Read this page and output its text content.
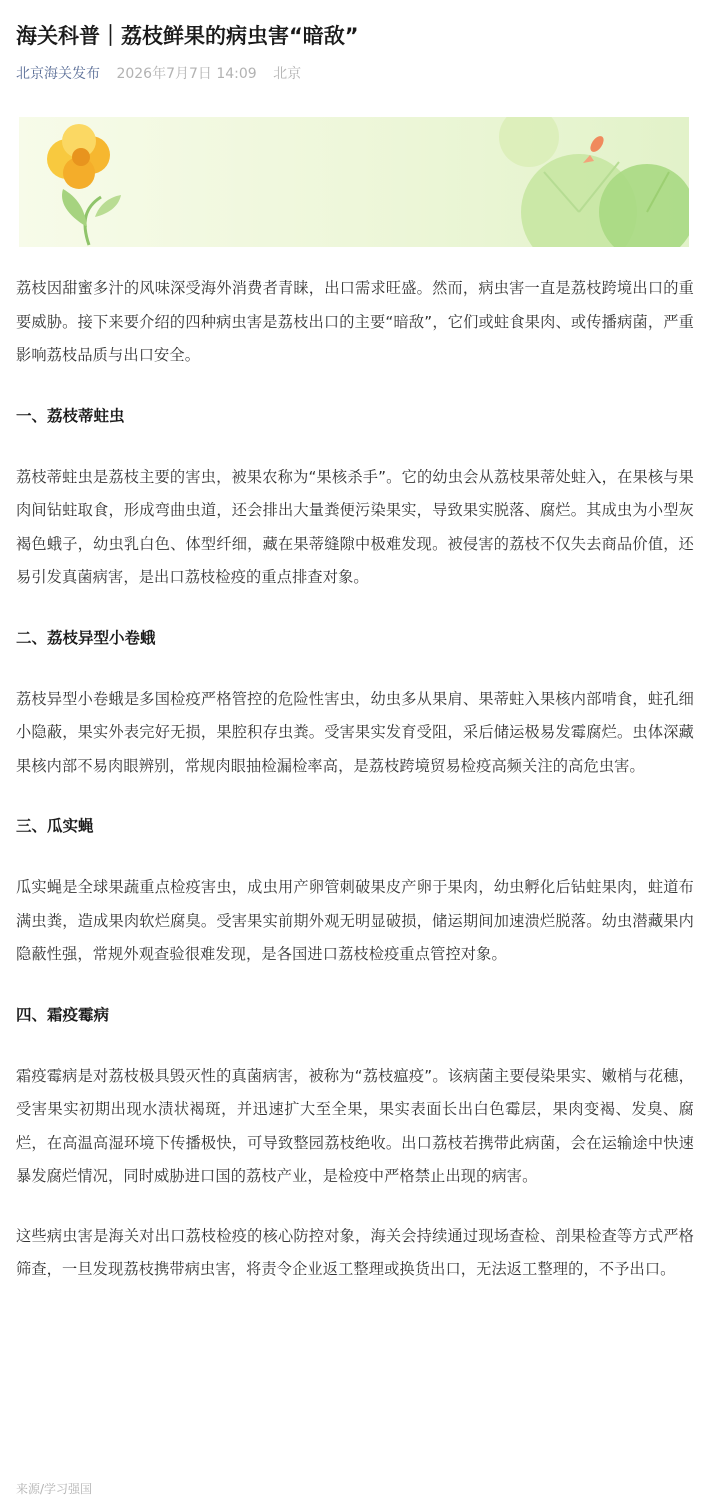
海关科普｜荔枝鲜果的病虫害“暗敌”
北京海关发布 2026年7月7日 14:09 北京

荔枝因甜蜜多汁的风味深受海外消费者青睐，出口需求旺盛。然而，病虫害一直是荔枝跨境出口的重要威胁。接下来要介绍的四种病虫害是荔枝出口的主要“暗敌”，它们或蛀食果肉、或传播病菌，严重影响荔枝品质与出口安全。

一、荔枝蒂蛀虫

荔枝蒂蛀虫是荔枝主要的害虫，被果农称为“果核杀手”。它的幼虫会从荔枝果蒂处蛀入，在果核与果肉间钻蛀取食，形成弯曲虫道，还会排出大量粪便污染果实，导致果实脱落、腐烂。其成虫为小型灰褐色蛾子，幼虫乳白色、体型纤细，藏在果蒂缝隙中极难发现。被侵害的荔枝不仅失去商品价值，还易引发真菌病害，是出口荔枝检疫的重点排查对象。

二、荔枝异型小卷蛾

荔枝异型小卷蛾是多国检疫严格管控的危险性害虫，幼虫多从果肩、果蒂蛀入果核内部啃食，蛀孔细小隐蔽，果实外表完好无损，果腔积存虫粪。受害果实发育受阻，采后储运极易发霉腐烂。虫体深藏果核内部不易肉眼辨别，常规肉眼抽检漏检率高，是荔枝跨境贸易检疫高频关注的高危虫害。

三、瓜实蝇

瓜实蝇是全球果蔬重点检疫害虫，成虫用产卵管刺破果皮产卵于果肉，幼虫孵化后钻蛀果肉，蛀道布满虫粪，造成果肉软烂腐臭。受害果实前期外观无明显破损，储运期间加速溃烂脱落。幼虫潜藏果内隐蔽性强，常规外观查验很难发现，是各国进口荔枝检疫重点管控对象。

四、霜疫霉病

霜疫霉病是对荔枝极具毁灭性的真菌病害，被称为“荔枝瘟疫”。该病菌主要侵染果实、嫩梢与花穗，受害果实初期出现水渍状褐斑，并迅速扩大至全果，果实表面长出白色霉层，果肉变褐、发臭、腐烂，在高温高湿环境下传播极快，可导致整园荔枝绝收。出口荔枝若携带此病菌，会在运输途中快速暴发腐烂情况，同时威胁进口国的荔枝产业，是检疫中严格禁止出现的病害。

这些病虫害是海关对出口荔枝检疫的核心防控对象，海关会持续通过现场查检、剖果检查等方式严格筛查，一旦发现荔枝携带病虫害，将责令企业返工整理或换货出口，无法返工整理的，不予出口。

来源/学习强国
